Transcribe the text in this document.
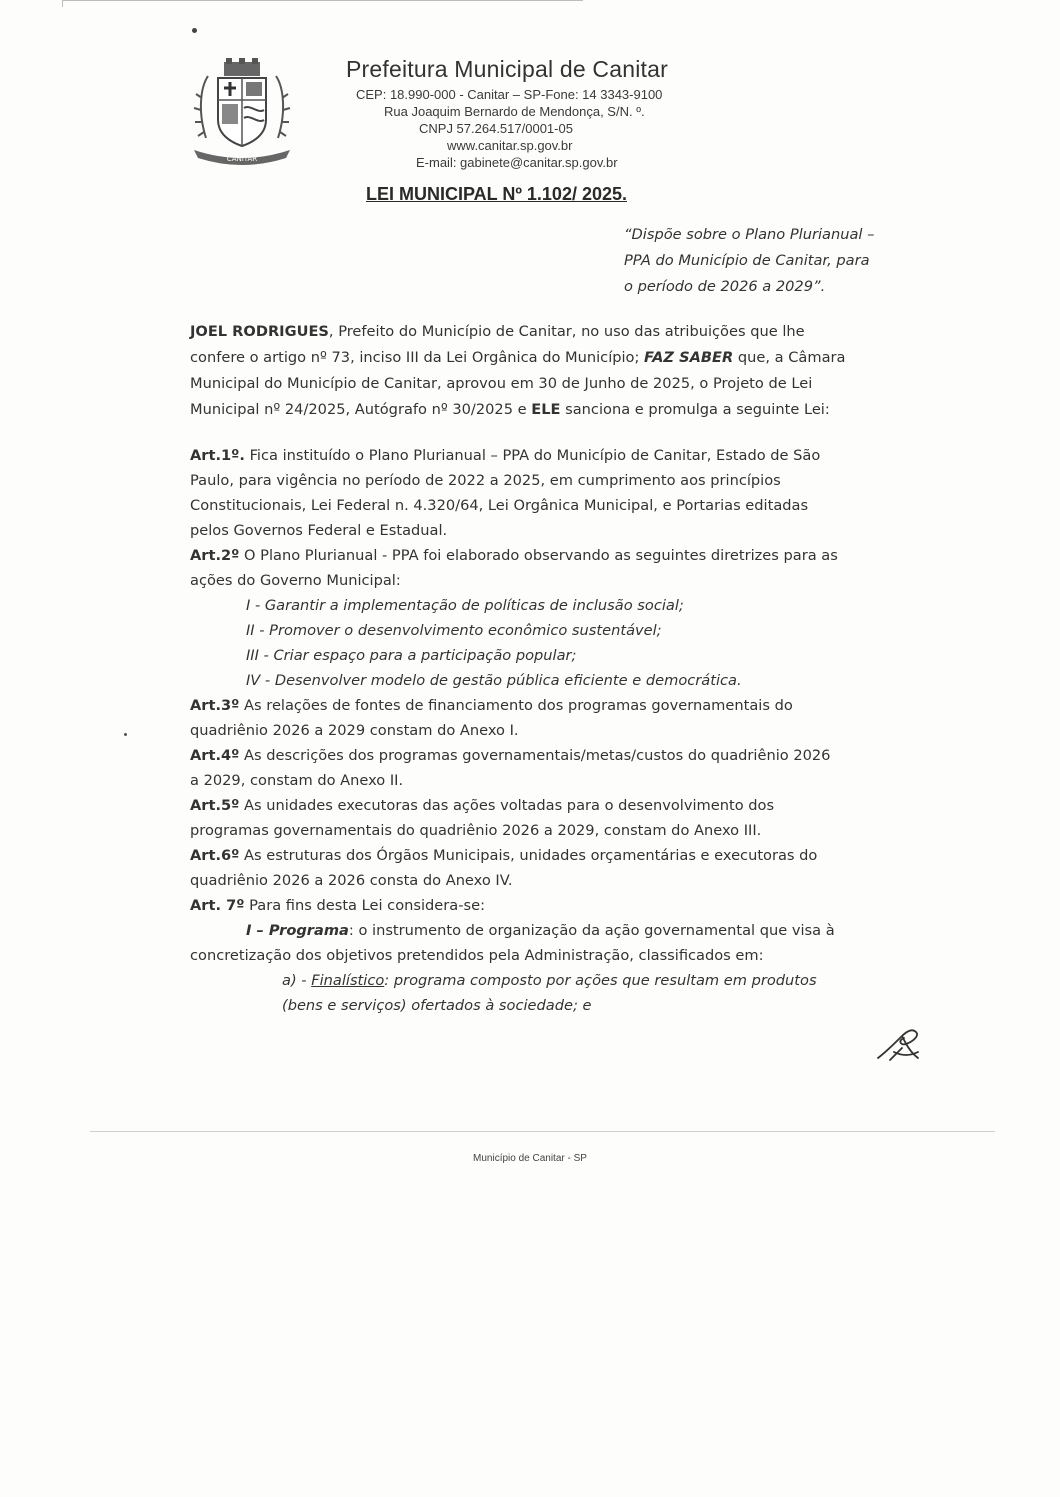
CANITAR
Prefeitura Municipal de Canitar
CEP: 18.990-000 - Canitar – SP-Fone: 14 3343-9100
Rua Joaquim Bernardo de Mendonça, S/N. º.
CNPJ 57.264.517/0001-05
www.canitar.sp.gov.br
E-mail: gabinete@canitar.sp.gov.br
LEI MUNICIPAL Nº 1.102/ 2025.
“Dispõe sobre o Plano Plurianual –
PPA do Município de Canitar, para
o período de 2026 a 2029”.
JOEL RODRIGUES, Prefeito do Município de Canitar, no uso das atribuições que lhe
confere o artigo nº 73, inciso III da Lei Orgânica do Município; FAZ SABER que, a Câmara
Municipal do Município de Canitar, aprovou em 30 de Junho de 2025, o Projeto de Lei
Municipal nº 24/2025, Autógrafo nº 30/2025 e ELE sanciona e promulga a seguinte Lei:
Art.1º. Fica instituído o Plano Plurianual – PPA do Município de Canitar, Estado de São
Paulo, para vigência no período de 2022 a 2025, em cumprimento aos princípios
Constitucionais, Lei Federal n. 4.320/64, Lei Orgânica Municipal, e Portarias editadas
pelos Governos Federal e Estadual.
Art.2º O Plano Plurianual - PPA foi elaborado observando as seguintes diretrizes para as
ações do Governo Municipal:
I - Garantir a implementação de políticas de inclusão social;
II - Promover o desenvolvimento econômico sustentável;
III - Criar espaço para a participação popular;
IV - Desenvolver modelo de gestão pública eficiente e democrática.
Art.3º As relações de fontes de financiamento dos programas governamentais do
quadriênio 2026 a 2029 constam do Anexo I.
Art.4º As descrições dos programas governamentais/metas/custos do quadriênio 2026
a 2029, constam do Anexo II.
Art.5º As unidades executoras das ações voltadas para o desenvolvimento dos
programas governamentais do quadriênio 2026 a 2029, constam do Anexo III.
Art.6º As estruturas dos Órgãos Municipais, unidades orçamentárias e executoras do
quadriênio 2026 a 2026 consta do Anexo IV.
Art. 7º Para fins desta Lei considera-se:
I – Programa: o instrumento de organização da ação governamental que visa à
concretização dos objetivos pretendidos pela Administração, classificados em:
a) - Finalístico: programa composto por ações que resultam em produtos
(bens e serviços) ofertados à sociedade; e
Município de Canitar - SP
